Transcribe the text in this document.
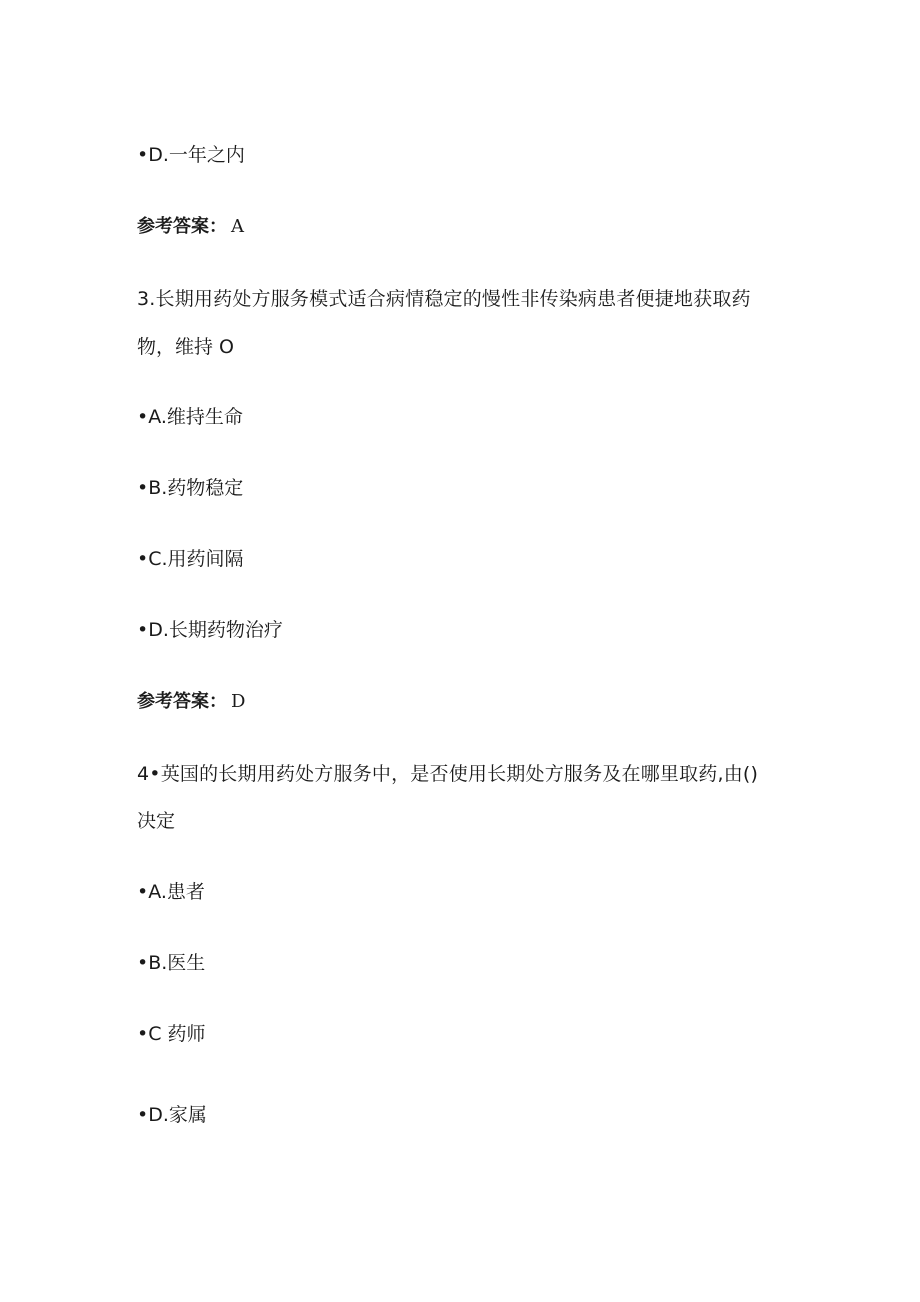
•D.一年之内
参考答案： A
3.长期用药处方服务模式适合病情稳定的慢性非传染病患者便捷地获取药
物，维持 O
•A.维持生命
•B.药物稳定
•C.用药间隔
•D.长期药物治疗
参考答案： D
4•英国的长期用药处方服务中，是否使用长期处方服务及在哪里取药,由()
决定
•A.患者
•B.医生
•C 药师
•D.家属
